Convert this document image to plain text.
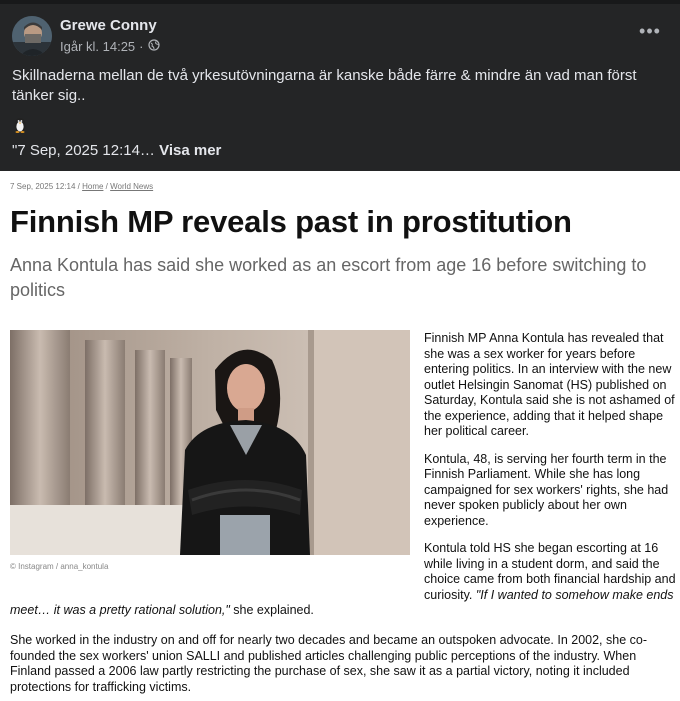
Grewe Conny
Igår kl. 14:25 ·
•••
Skillnaderna mellan de två yrkesutövningarna är kanske både färre & mindre än vad man först tänker sig..
"7 Sep, 2025 12:14… Visa mer
7 Sep, 2025 12:14 / Home / World News
Finnish MP reveals past in prostitution
Anna Kontula has said she worked as an escort from age 16 before switching to politics
© Instagram / anna_kontula

Finnish MP Anna Kontula has revealed that she was a sex worker for years before entering politics. In an interview with the new outlet Helsingin Sanomat (HS) published on Saturday, Kontula said she is not ashamed of the experience, adding that it helped shape her political career.

Kontula, 48, is serving her fourth term in the Finnish Parliament. While she has long campaigned for sex workers' rights, she had never spoken publicly about her own experience.

Kontula told HS she began escorting at 16 while living in a student dorm, and said the choice came from both financial hardship and curiosity. "If I wanted to somehow make ends

meet… it was a pretty rational solution," she explained.
She worked in the industry on and off for nearly two decades and became an outspoken advocate. In 2002, she co-founded the sex workers' union SALLI and published articles challenging public perceptions of the industry. When Finland passed a 2006 law partly restricting the purchase of sex, she saw it as a partial victory, noting it included protections for trafficking victims.
